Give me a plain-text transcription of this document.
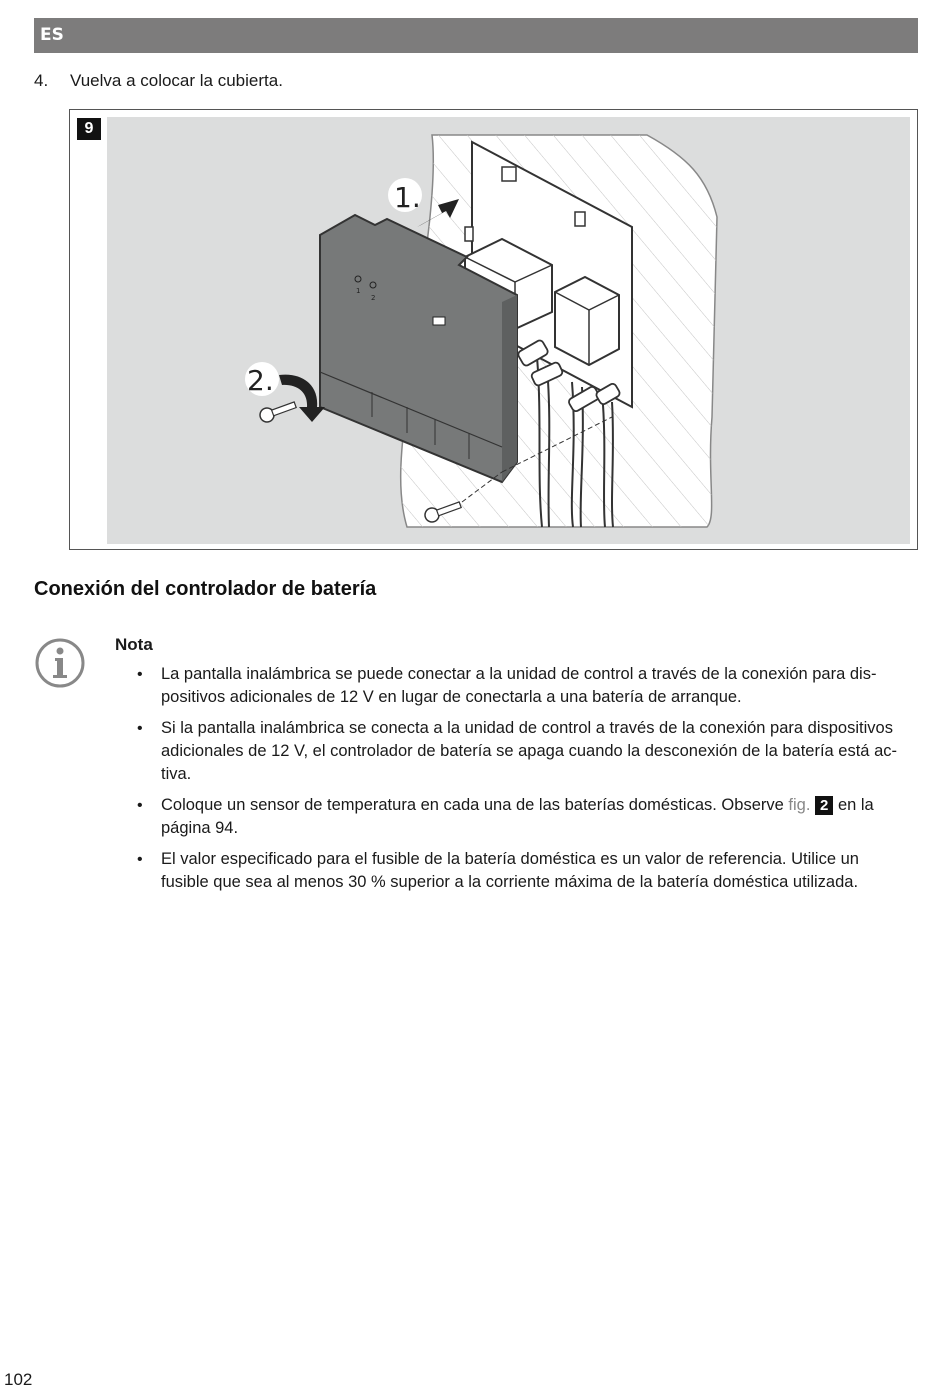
ES
4. Vuelva a colocar la cubierta.
1
2
1.
2.
9
Conexión del controlador de batería
Nota
• La pantalla inalámbrica se puede conectar a la unidad de control a través de la conexión para dis- positivos adicionales de 12 V en lugar de conectarla a una batería de arranque.
• Si la pantalla inalámbrica se conecta a la unidad de control a través de la conexión para dispositivos adicionales de 12 V, el controlador de batería se apaga cuando la desconexión de la batería está ac- tiva.
• Coloque un sensor de temperatura en cada una de las baterías domésticas. Observe fig. 2 en la página 94.
• El valor especificado para el fusible de la batería doméstica es un valor de referencia. Utilice un fusible que sea al menos 30 % superior a la corriente máxima de la batería doméstica utilizada.
102
